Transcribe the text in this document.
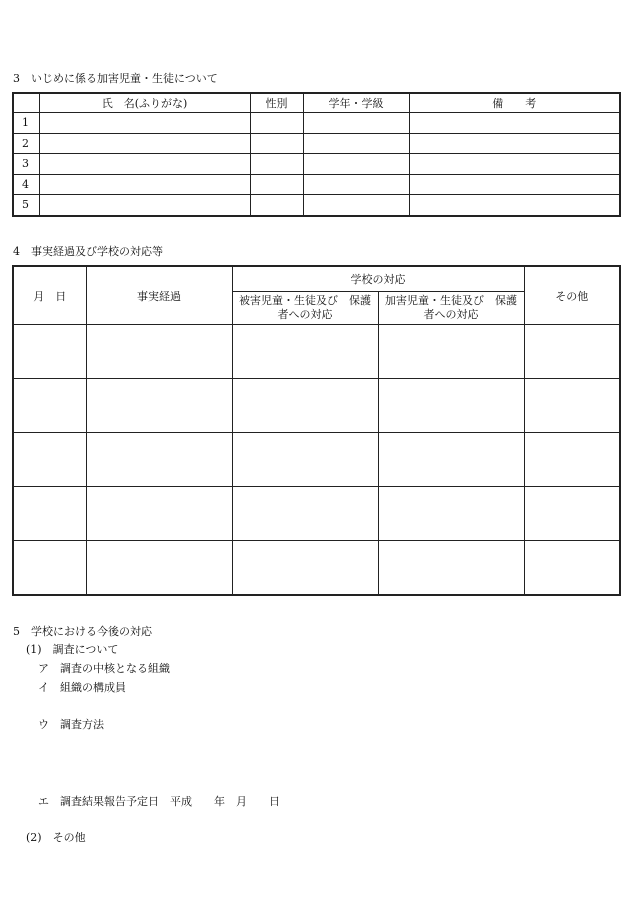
3　いじめに係る加害児童・生徒について
	氏　名(ふりがな)	性別	学年・学級	備　　考
1				
2				
3				
4				
5				
4　事実経過及び学校の対応等
月　日	事実経過	学校の対応		その他
		被害児童・生徒及び　保護者への対応	加害児童・生徒及び　保護者への対応	

5　学校における今後の対応
(1)　調査について
ア　調査の中核となる組織
イ　組織の構成員
ウ　調査方法
エ　調査結果報告予定日　平成　　年　月　　日
(2)　その他
